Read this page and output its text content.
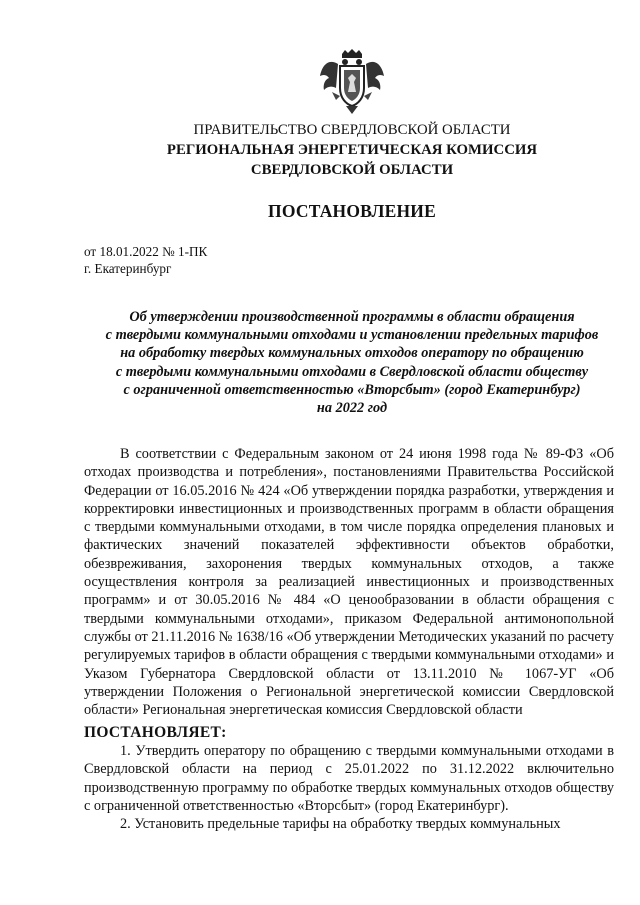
ПРАВИТЕЛЬСТВО СВЕРДЛОВСКОЙ ОБЛАСТИ
РЕГИОНАЛЬНАЯ ЭНЕРГЕТИЧЕСКАЯ КОМИССИЯ
СВЕРДЛОВСКОЙ ОБЛАСТИ
ПОСТАНОВЛЕНИЕ
от 18.01.2022 № 1-ПК
г. Екатеринбург
Об утверждении производственной программы в области обращения
с твердыми коммунальными отходами и установлении предельных тарифов
на обработку твердых коммунальных отходов оператору по обращению
с твердыми коммунальными отходами в Свердловской области обществу
с ограниченной ответственностью «Вторсбыт» (город Екатеринбург)
на 2022 год

В соответствии с Федеральным законом от 24 июня 1998 года № 89-ФЗ «Об отходах производства и потребления», постановлениями Правительства Российской Федерации от 16.05.2016 № 424 «Об утверждении порядка разработки, утверждения и корректировки инвестиционных и производственных программ в области обращения с твердыми коммунальными отходами, в том числе порядка определения плановых и фактических значений показателей эффективности объектов обработки, обезвреживания, захоронения твердых коммунальных отходов, а также осуществления контроля за реализацией инвестиционных и производственных программ» и от 30.05.2016 № 484 «О ценообразовании в области обращения с твердыми коммунальными отходами», приказом Федеральной антимонопольной службы от 21.11.2016 № 1638/16 «Об утверждении Методических указаний по расчету регулируемых тарифов в области обращения с твердыми коммунальными отходами» и Указом Губернатора Свердловской области от 13.11.2010 № 1067-УГ «Об утверждении Положения о Региональной энергетической комиссии Свердловской области» Региональная энергетическая комиссия Свердловской области

ПОСТАНОВЛЯЕТ:

1. Утвердить оператору по обращению с твердыми коммунальными отходами в Свердловской области на период с 25.01.2022 по 31.12.2022 включительно производственную программу по обработке твердых коммунальных отходов обществу с ограниченной ответственностью «Вторсбыт» (город Екатеринбург).

2. Установить предельные тарифы на обработку твердых коммунальных
